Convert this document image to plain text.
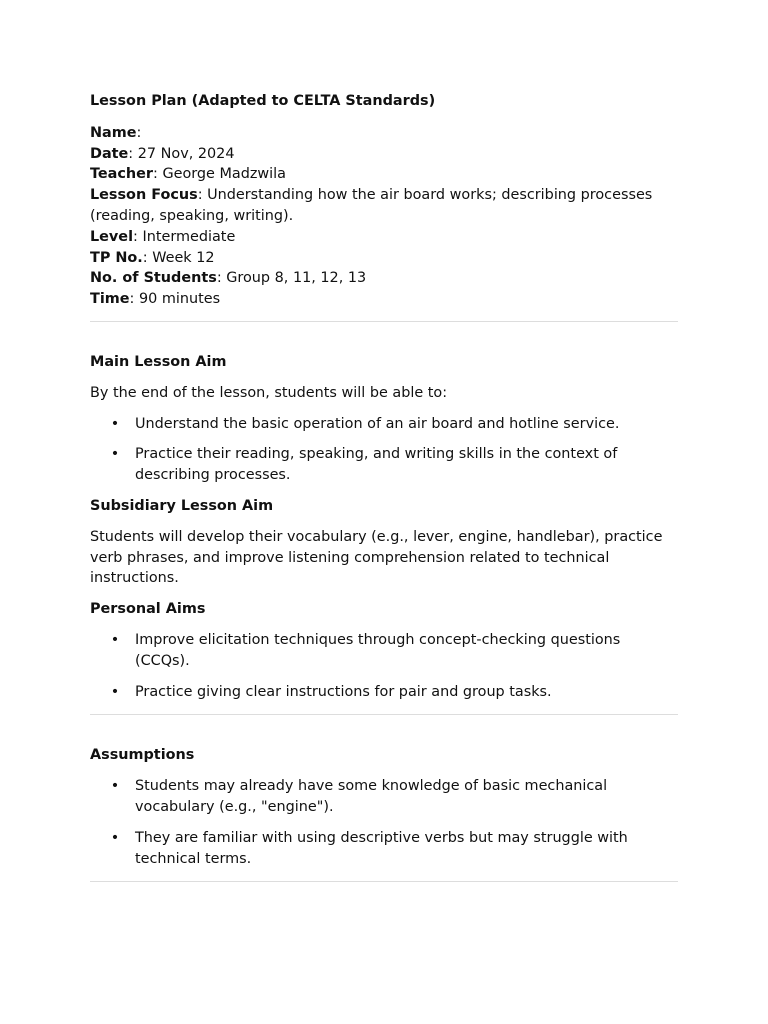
Lesson Plan (Adapted to CELTA Standards)

Name:

Date: 27 Nov, 2024

Teacher: George Madzwila

Lesson Focus: Understanding how the air board works; describing processes (reading, speaking, writing).

Level: Intermediate

TP No.: Week 12

No. of Students: Group 8, 11, 12, 13

Time: 90 minutes

Main Lesson Aim

By the end of the lesson, students will be able to:

• Understand the basic operation of an air board and hotline service.
• Practice their reading, speaking, and writing skills in the context of describing processes.
Subsidiary Lesson Aim

Students will develop their vocabulary (e.g., lever, engine, handlebar), practice verb phrases, and improve listening comprehension related to technical instructions.

Personal Aims
• Improve elicitation techniques through concept-checking questions (CCQs).
• Practice giving clear instructions for pair and group tasks.
Assumptions
• Students may already have some knowledge of basic mechanical vocabulary (e.g., "engine").
• They are familiar with using descriptive verbs but may struggle with technical terms.
